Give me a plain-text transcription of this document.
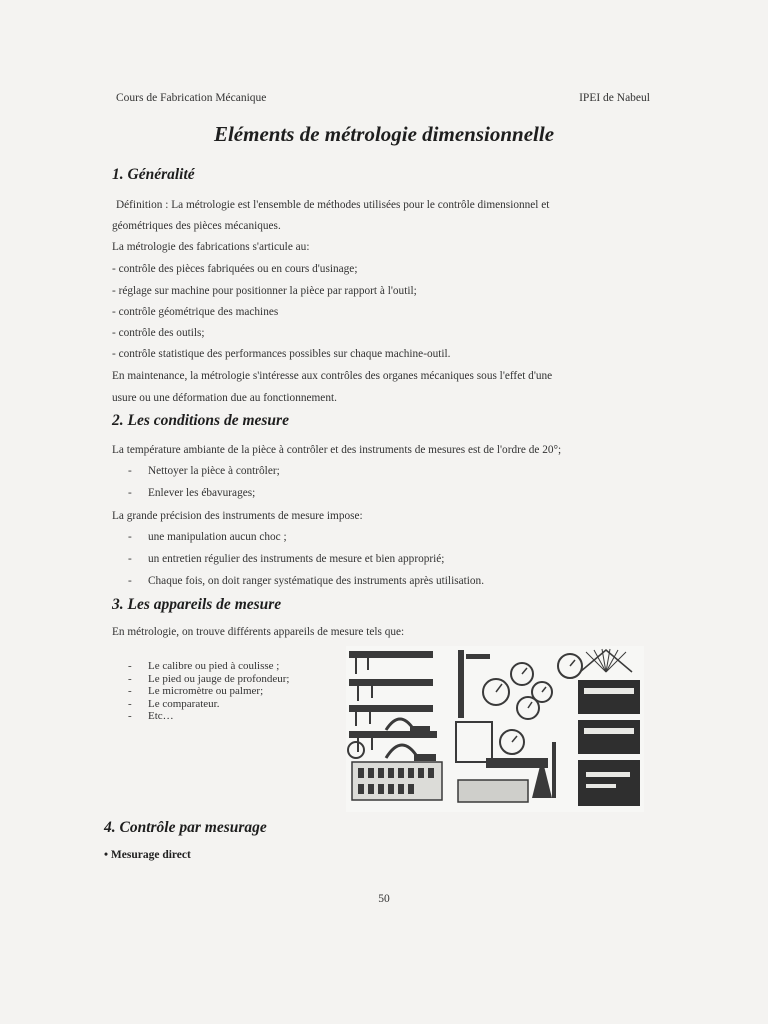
Cours de Fabrication Mécanique	IPEI de Nabeul
Eléments de métrologie dimensionnelle
1. Généralité
Définition : La métrologie est l'ensemble de méthodes utilisées pour le contrôle dimensionnel et
géométriques des pièces mécaniques.
La métrologie des fabrications s'articule au:
- contrôle des pièces fabriquées ou en cours d'usinage;
- réglage sur machine pour positionner la pièce par rapport à l'outil;
- contrôle géométrique des machines
- contrôle des outils;
- contrôle statistique des performances possibles sur chaque machine-outil.
En maintenance, la métrologie s'intéresse aux contrôles des organes mécaniques sous l'effet d'une
usure ou une déformation due au fonctionnement.
2. Les conditions de mesure
La température ambiante de la pièce à contrôler et des instruments de mesures est de l'ordre de 20°;
- Nettoyer la pièce à contrôler;
- Enlever les ébavurages;
La grande précision des instruments de mesure impose:
- une manipulation aucun choc ;
- un entretien régulier des instruments de mesure et bien approprié;
- Chaque fois, on doit ranger systématique des instruments après utilisation.
3. Les appareils de mesure
En métrologie, on trouve différents appareils de mesure tels que:
- Le calibre ou pied à coulisse ;
- Le pied ou jauge de profondeur;
- Le micromètre ou palmer;
- Le comparateur.
- Etc…
4. Contrôle par mesurage
• Mesurage direct
50
